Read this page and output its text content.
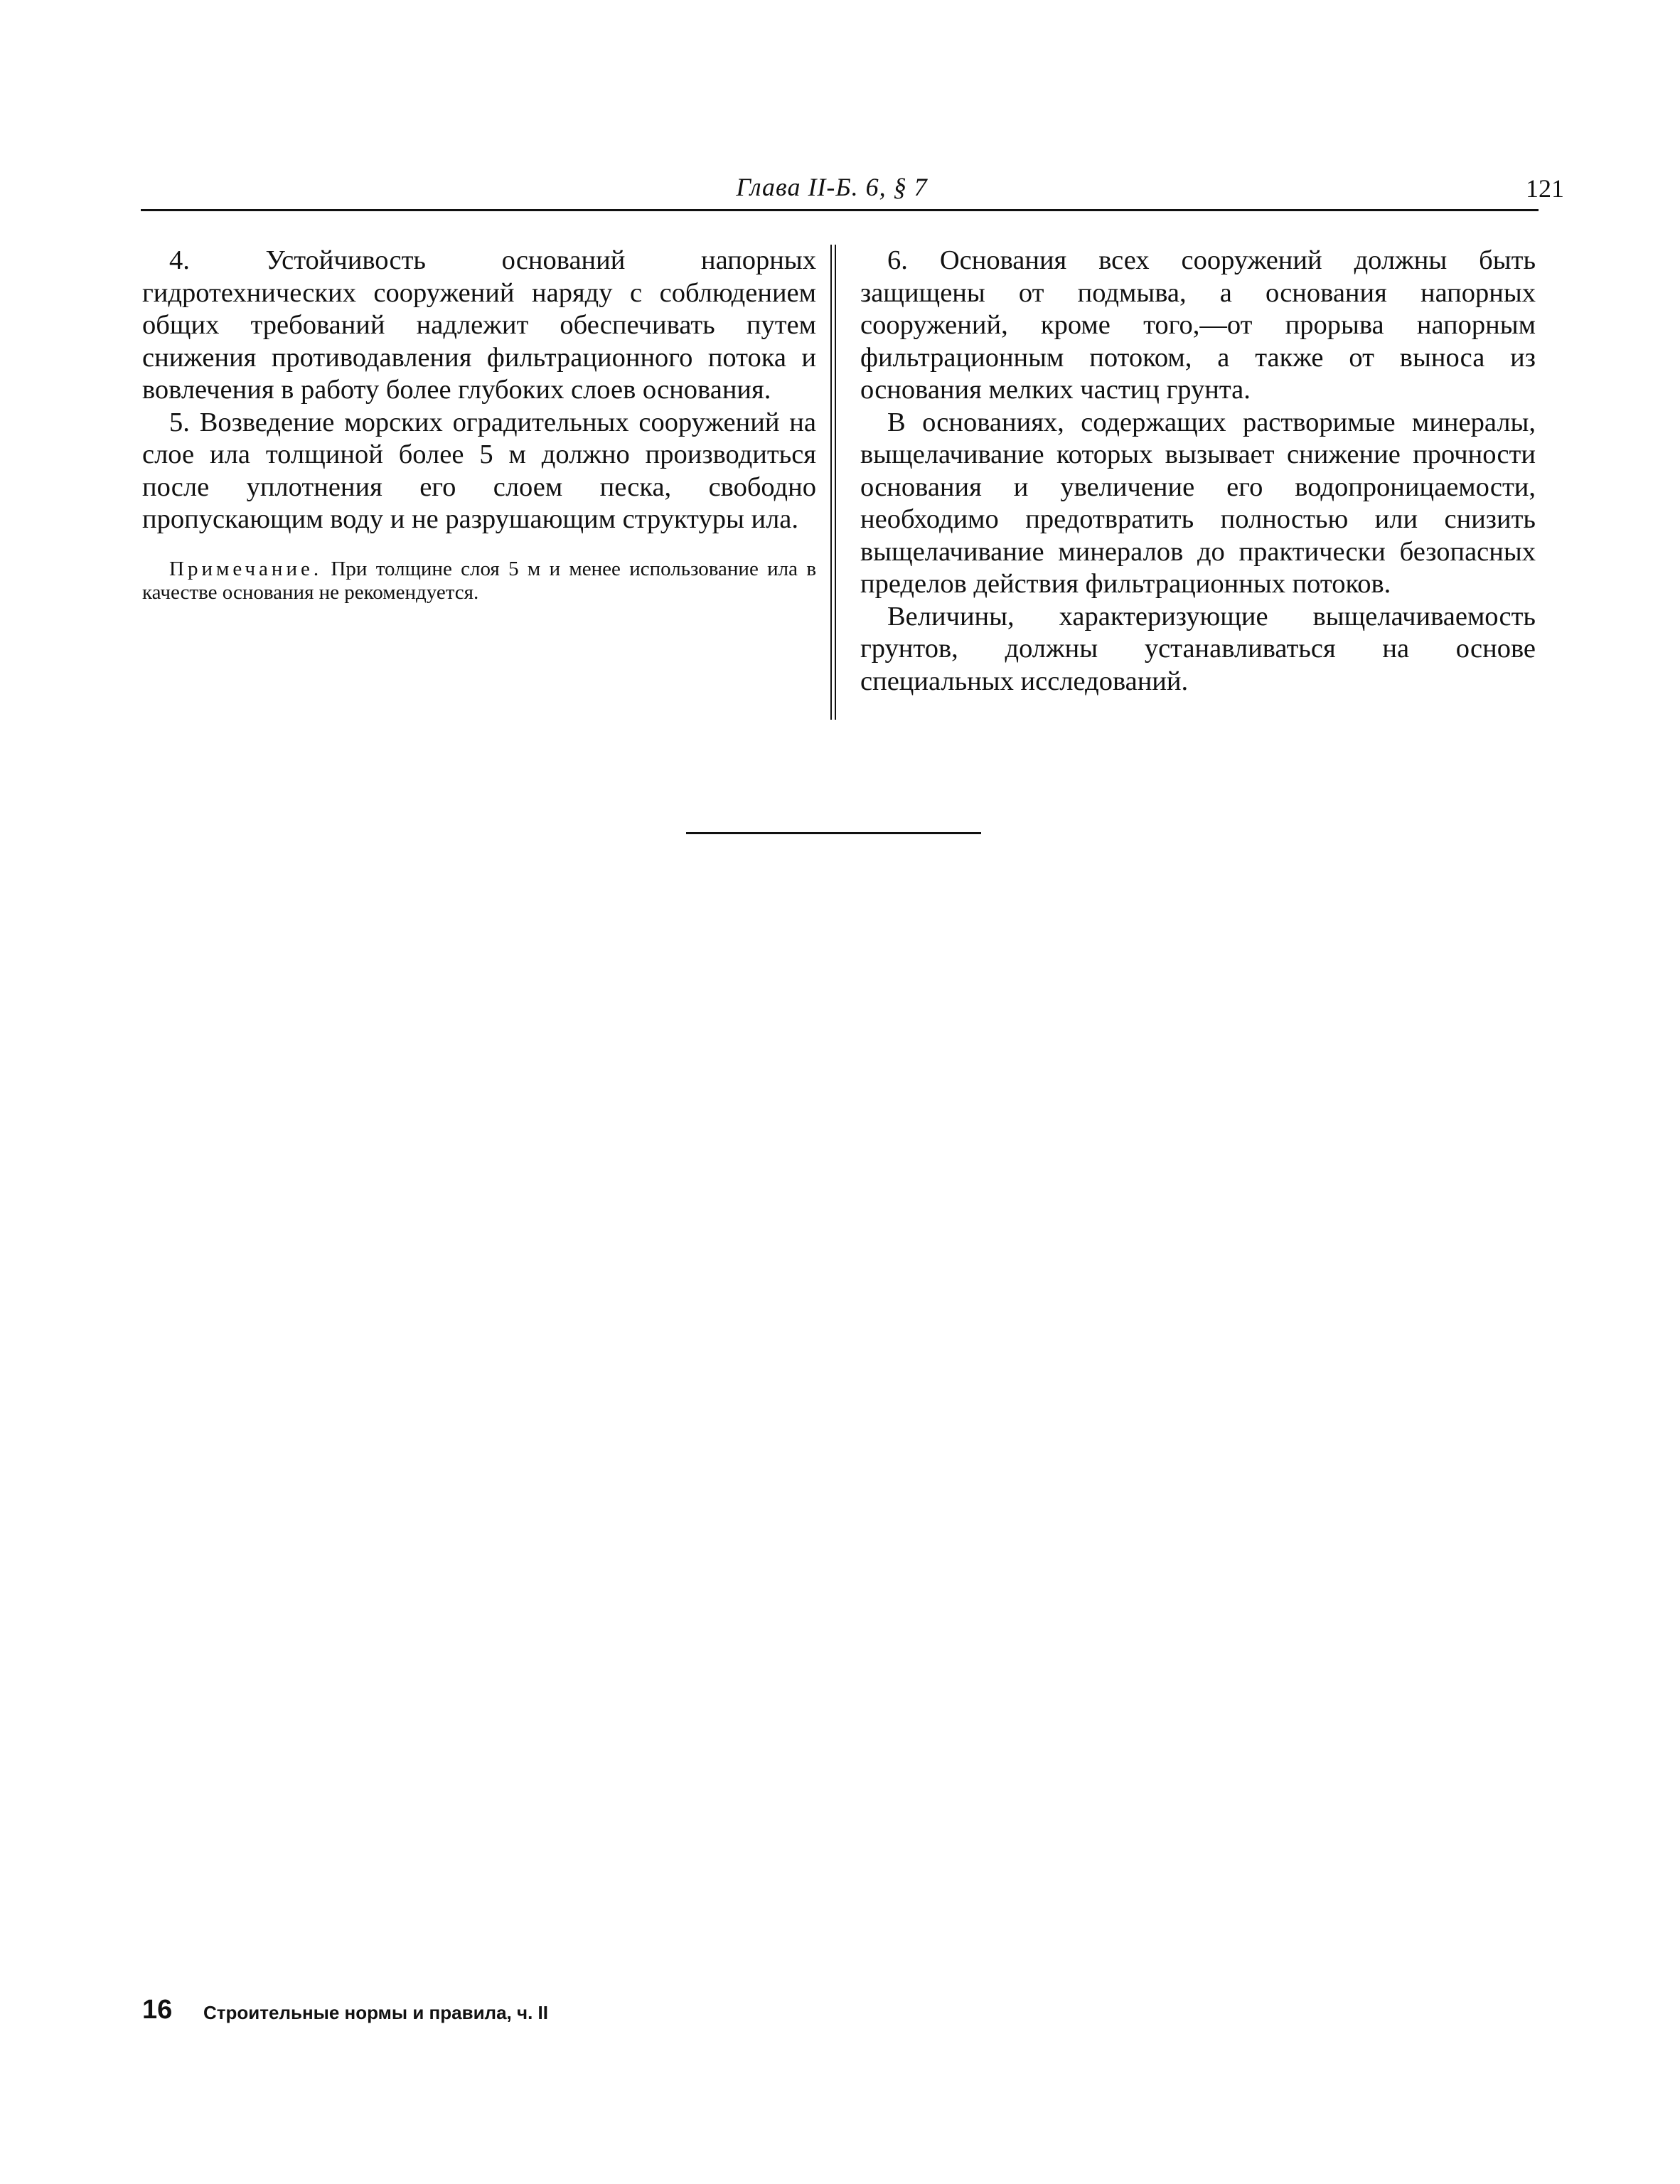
Глава II-Б. 6, § 7	121

4. Устойчивость оснований напорных гидротехнических сооружений наряду с соблюдением общих требований надлежит обеспечивать путем снижения противодавления фильтрационного потока и вовлечения в работу более глубоких слоев основания.

5. Возведение морских оградительных сооружений на слое ила толщиной более 5 м должно производиться после уплотнения его слоем песка, свободно пропускающим воду и не разрушающим структуры ила.

Примечание. При толщине слоя 5 м и менее использование ила в качестве основания не рекомендуется.

6. Основания всех сооружений должны быть защищены от подмыва, а основания напорных сооружений, кроме того,—от прорыва напорным фильтрационным потоком, а также от выноса из основания мелких частиц грунта.

В основаниях, содержащих растворимые минералы, выщелачивание которых вызывает снижение прочности основания и увеличение его водопроницаемости, необходимо предотвратить полностью или снизить выщелачивание минералов до практически безопасных пределов действия фильтрационных потоков.

Величины, характеризующие выщелачиваемость грунтов, должны устанавливаться на основе специальных исследований.

16 Строительные нормы и правила, ч. II
